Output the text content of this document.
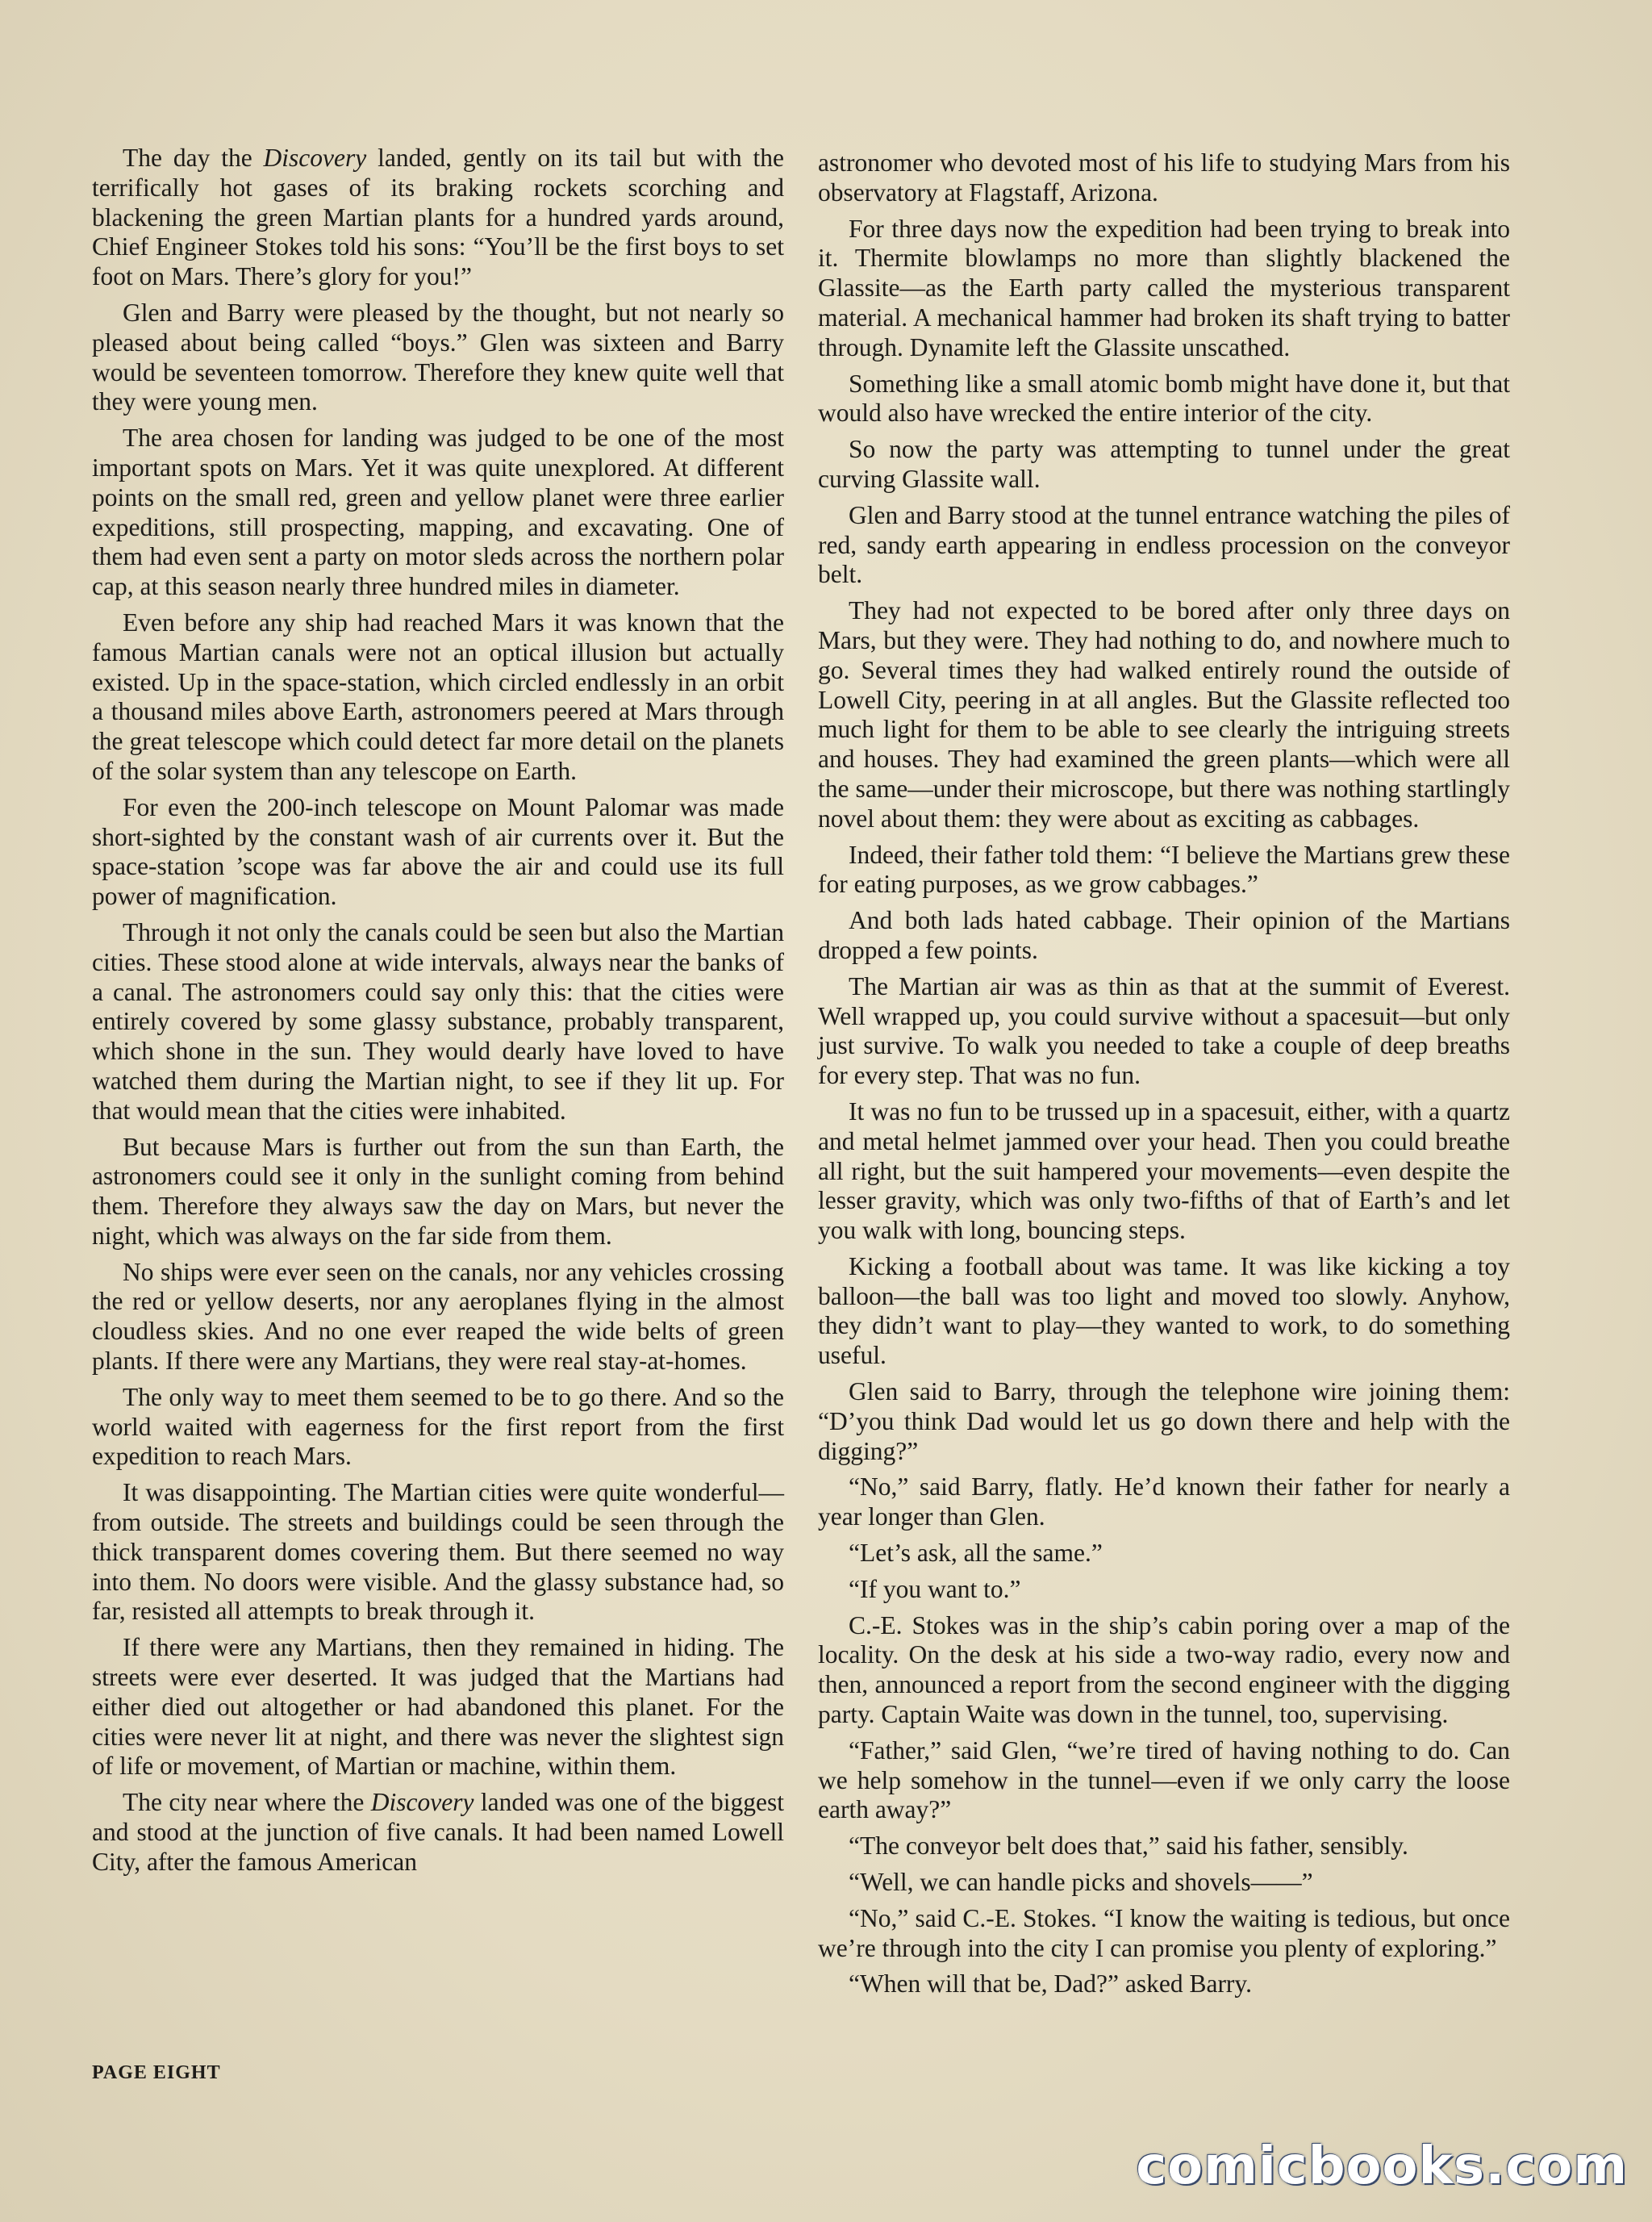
The day the Discovery landed, gently on its tail but with the terrifically hot gases of its braking rockets scorching and blackening the green Martian plants for a hundred yards around, Chief Engineer Stokes told his sons: “You’ll be the first boys to set foot on Mars. There’s glory for you!”

Glen and Barry were pleased by the thought, but not nearly so pleased about being called “boys.” Glen was sixteen and Barry would be seventeen tomorrow. Therefore they knew quite well that they were young men.

The area chosen for landing was judged to be one of the most important spots on Mars. Yet it was quite unexplored. At different points on the small red, green and yellow planet were three earlier expeditions, still prospecting, mapping, and excavating. One of them had even sent a party on motor sleds across the northern polar cap, at this season nearly three hundred miles in diameter.

Even before any ship had reached Mars it was known that the famous Martian canals were not an optical illusion but actually existed. Up in the space-station, which circled endlessly in an orbit a thousand miles above Earth, astronomers peered at Mars through the great telescope which could detect far more detail on the planets of the solar system than any telescope on Earth.

For even the 200-inch telescope on Mount Palomar was made short-sighted by the constant wash of air currents over it. But the space-station ’scope was far above the air and could use its full power of magnification.

Through it not only the canals could be seen but also the Martian cities. These stood alone at wide intervals, always near the banks of a canal. The astronomers could say only this: that the cities were entirely covered by some glassy substance, probably transparent, which shone in the sun. They would dearly have loved to have watched them during the Martian night, to see if they lit up. For that would mean that the cities were inhabited.

But because Mars is further out from the sun than Earth, the astronomers could see it only in the sunlight coming from behind them. Therefore they always saw the day on Mars, but never the night, which was always on the far side from them.

No ships were ever seen on the canals, nor any vehicles crossing the red or yellow deserts, nor any aeroplanes flying in the almost cloudless skies. And no one ever reaped the wide belts of green plants. If there were any Martians, they were real stay-at-homes.

The only way to meet them seemed to be to go there. And so the world waited with eagerness for the first report from the first expedition to reach Mars.

It was disappointing. The Martian cities were quite wonderful—from outside. The streets and buildings could be seen through the thick transparent domes covering them. But there seemed no way into them. No doors were visible. And the glassy substance had, so far, resisted all attempts to break through it.

If there were any Martians, then they remained in hiding. The streets were ever deserted. It was judged that the Martians had either died out altogether or had abandoned this planet. For the cities were never lit at night, and there was never the slightest sign of life or movement, of Martian or machine, within them.

The city near where the Discovery landed was one of the biggest and stood at the junction of five canals. It had been named Lowell City, after the famous American

astronomer who devoted most of his life to studying Mars from his observatory at Flagstaff, Arizona.

For three days now the expedition had been trying to break into it. Thermite blowlamps no more than slightly blackened the Glassite—as the Earth party called the mysterious transparent material. A mechanical hammer had broken its shaft trying to batter through. Dynamite left the Glassite unscathed.

Something like a small atomic bomb might have done it, but that would also have wrecked the entire interior of the city.

So now the party was attempting to tunnel under the great curving Glassite wall.

Glen and Barry stood at the tunnel entrance watching the piles of red, sandy earth appearing in endless procession on the conveyor belt.

They had not expected to be bored after only three days on Mars, but they were. They had nothing to do, and nowhere much to go. Several times they had walked entirely round the outside of Lowell City, peering in at all angles. But the Glassite reflected too much light for them to be able to see clearly the intriguing streets and houses. They had examined the green plants—which were all the same—under their microscope, but there was nothing startlingly novel about them: they were about as exciting as cabbages.

Indeed, their father told them: “I believe the Martians grew these for eating purposes, as we grow cabbages.”

And both lads hated cabbage. Their opinion of the Martians dropped a few points.

The Martian air was as thin as that at the summit of Everest. Well wrapped up, you could survive without a spacesuit—but only just survive. To walk you needed to take a couple of deep breaths for every step. That was no fun.

It was no fun to be trussed up in a spacesuit, either, with a quartz and metal helmet jammed over your head. Then you could breathe all right, but the suit hampered your movements—even despite the lesser gravity, which was only two-fifths of that of Earth’s and let you walk with long, bouncing steps.

Kicking a football about was tame. It was like kicking a toy balloon—the ball was too light and moved too slowly. Anyhow, they didn’t want to play—they wanted to work, to do something useful.

Glen said to Barry, through the telephone wire joining them: “D’you think Dad would let us go down there and help with the digging?”

“No,” said Barry, flatly. He’d known their father for nearly a year longer than Glen.

“Let’s ask, all the same.”

“If you want to.”

C.-E. Stokes was in the ship’s cabin poring over a map of the locality. On the desk at his side a two-way radio, every now and then, announced a report from the second engineer with the digging party. Captain Waite was down in the tunnel, too, supervising.

“Father,” said Glen, “we’re tired of having nothing to do. Can we help somehow in the tunnel—even if we only carry the loose earth away?”

“The conveyor belt does that,” said his father, sensibly.

“Well, we can handle picks and shovels——”

“No,” said C.-E. Stokes. “I know the waiting is tedious, but once we’re through into the city I can promise you plenty of exploring.”

“When will that be, Dad?” asked Barry.

PAGE EIGHT
comicbooks.com
